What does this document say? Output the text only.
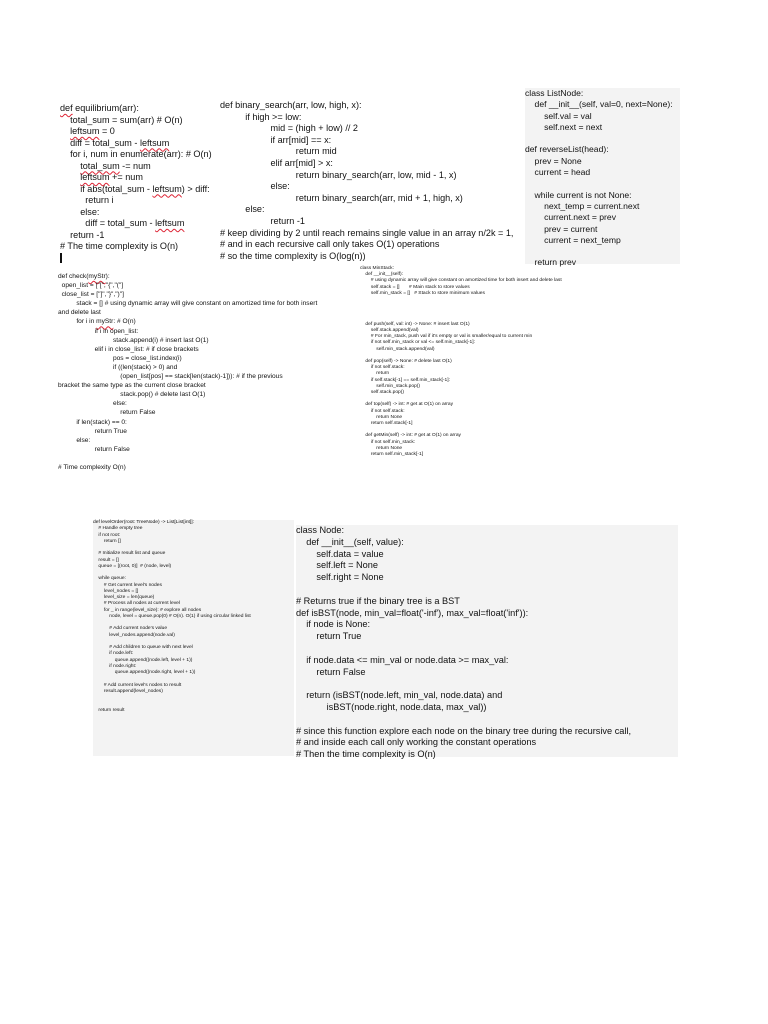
def equilibrium(arr):
total_sum = sum(arr) # O(n)
leftsum = 0
diff = total_sum - leftsum
for i, num in enumerate(arr): # O(n)
total_sum -= num
leftsum += num
if abs(total_sum - leftsum) > diff:
return i
else:
diff = total_sum - leftsum
return -1
# The time complexity is O(n)
def binary_search(arr, low, high, x):
if high >= low:
mid = (high + low) // 2
if arr[mid] == x:
return mid
elif arr[mid] > x:
return binary_search(arr, low, mid - 1, x)
else:
return binary_search(arr, mid + 1, high, x)
else:
return -1
# keep dividing by 2 until reach remains single value in an array n/2k = 1,
# and in each recursive call only takes O(1) operations
# so the time complexity is O(log(n))
class ListNode:
def __init__(self, val=0, next=None):
self.val = val
self.next = next

def reverseList(head):
prev = None
current = head

while current is not None:
next_temp = current.next
current.next = prev
prev = current
current = next_temp

return prev
def check(myStr):
open_list = ["[","{","("]
close_list = ["]","}",")"]
stack = [] # using dynamic array will give constant on amortized time for both insert
and delete last
for i in myStr: # O(n)
if i in open_list:
stack.append(i) # insert last O(1)
elif i in close_list: # if close brackets
pos = close_list.index(i)
if ((len(stack) > 0) and
(open_list[pos] == stack[len(stack)-1])): # if the previous
bracket the same type as the current close bracket
stack.pop() # delete last O(1)
else:
return False
if len(stack) == 0:
return True
else:
return False

# Time complexity O(n)
class MinStack:
def __init__(self):
# using dynamic array will give constant on amortized time for both insert and delete last
self.stack = []       # Main stack to store values
self.min_stack = []   # Stack to store minimum values

def push(self, val: int) -> None: # insert last O(1)
self.stack.append(val)
# For min_stack, push val if it's empty or val is smaller/equal to current min
if not self.min_stack or val <= self.min_stack[-1]:
self.min_stack.append(val)

def pop(self) -> None: # delete last O(1)
if not self.stack:
return
if self.stack[-1] == self.min_stack[-1]:
self.min_stack.pop()
self.stack.pop()

def top(self) -> int: # get at O(1) on array
if not self.stack:
return None
return self.stack[-1]

def getMin(self) -> int: # get at O(1) on array
if not self.min_stack:
return None
return self.min_stack[-1]
def levelOrder(root: TreeNode) -> List[List[int]]:
# Handle empty tree
if not root:
return []

# Initialize result list and queue
result = []
queue = [(root, 0)]  # (node, level)

while queue:
# Get current level's nodes
level_nodes = []
level_size = len(queue)
# Process all nodes at current level
for _ in range(level_size): # explore all nodes
node, level = queue.pop(0) # O(n). O(1) if using circular linked list

# Add current node's value
level_nodes.append(node.val)

# Add children to queue with next level
if node.left:
queue.append((node.left, level + 1))
if node.right:
queue.append((node.right, level + 1))

# Add current level's nodes to result
result.append(level_nodes)

return result
class Node:
def __init__(self, value):
self.data = value
self.left = None
self.right = None

# Returns true if the binary tree is a BST
def isBST(node, min_val=float('-inf'), max_val=float('inf')):
if node is None:
return True

if node.data <= min_val or node.data >= max_val:
return False

return (isBST(node.left, min_val, node.data) and
isBST(node.right, node.data, max_val))

# since this function explore each node on the binary tree during the recursive call,
# and inside each call only working the constant operations
# Then the time complexity is O(n)
